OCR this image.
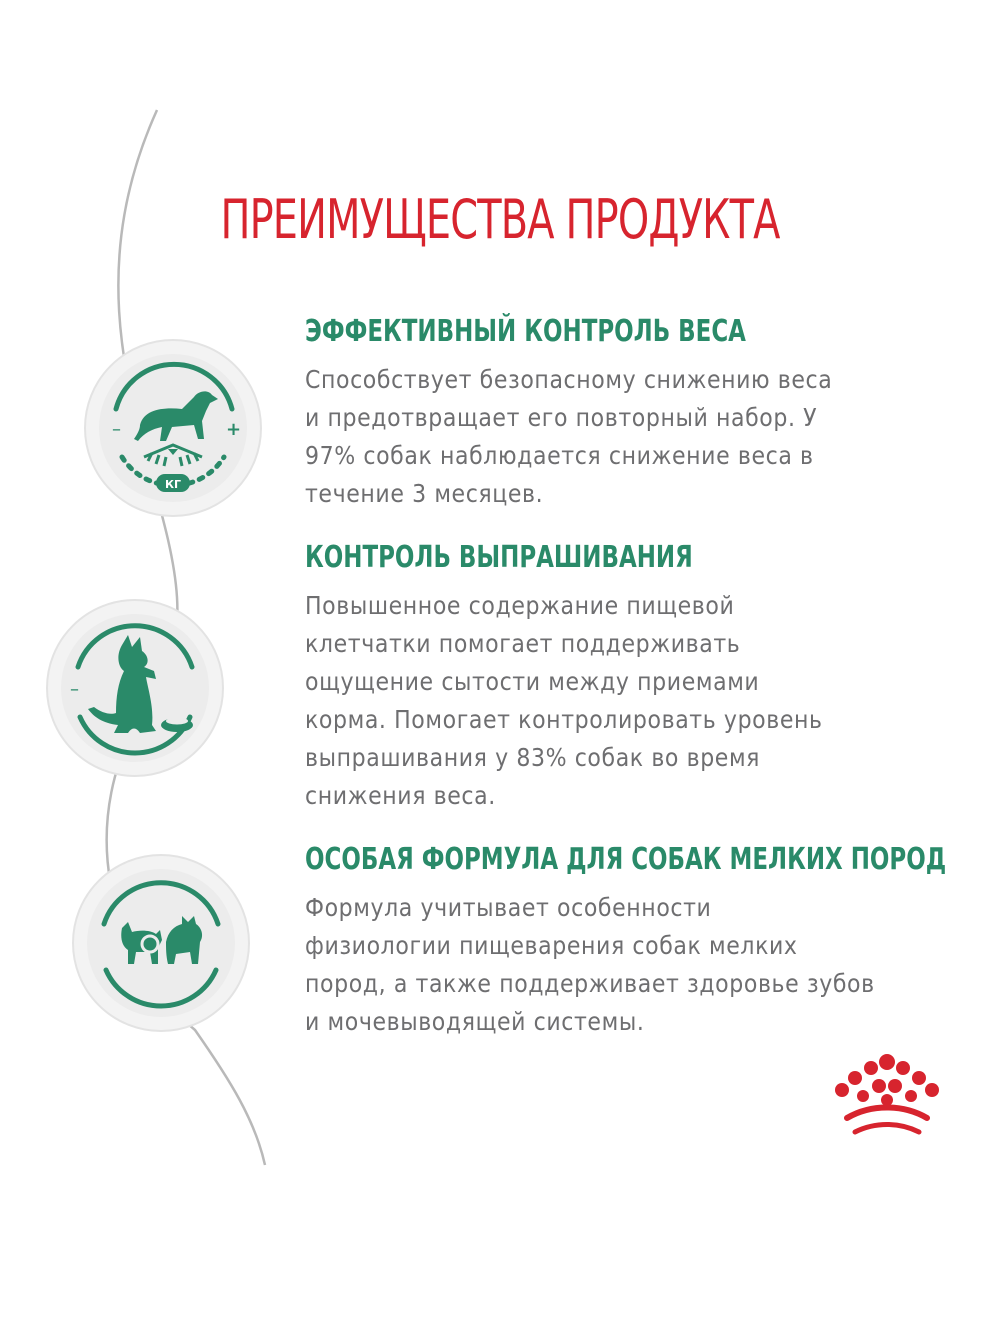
ПРЕИМУЩЕСТВА ПРОДУКТА
–	+
КГ
–
ЭФФЕКТИВНЫЙ КОНТРОЛЬ ВЕСА

Способствует безопасному снижению веса
и предотвращает его повторный набор. У
97% собак наблюдается снижение веса в
течение 3 месяцев.

КОНТРОЛЬ ВЫПРАШИВАНИЯ

Повышенное содержание пищевой
клетчатки помогает поддерживать
ощущение сытости между приемами
корма. Помогает контролировать уровень
выпрашивания у 83% собак во время
снижения веса.

ОСОБАЯ ФОРМУЛА ДЛЯ СОБАК МЕЛКИХ ПОРОД

Формула учитывает особенности
физиологии пищеварения собак мелких
пород, а также поддерживает здоровье зубов
и мочевыводящей системы.
